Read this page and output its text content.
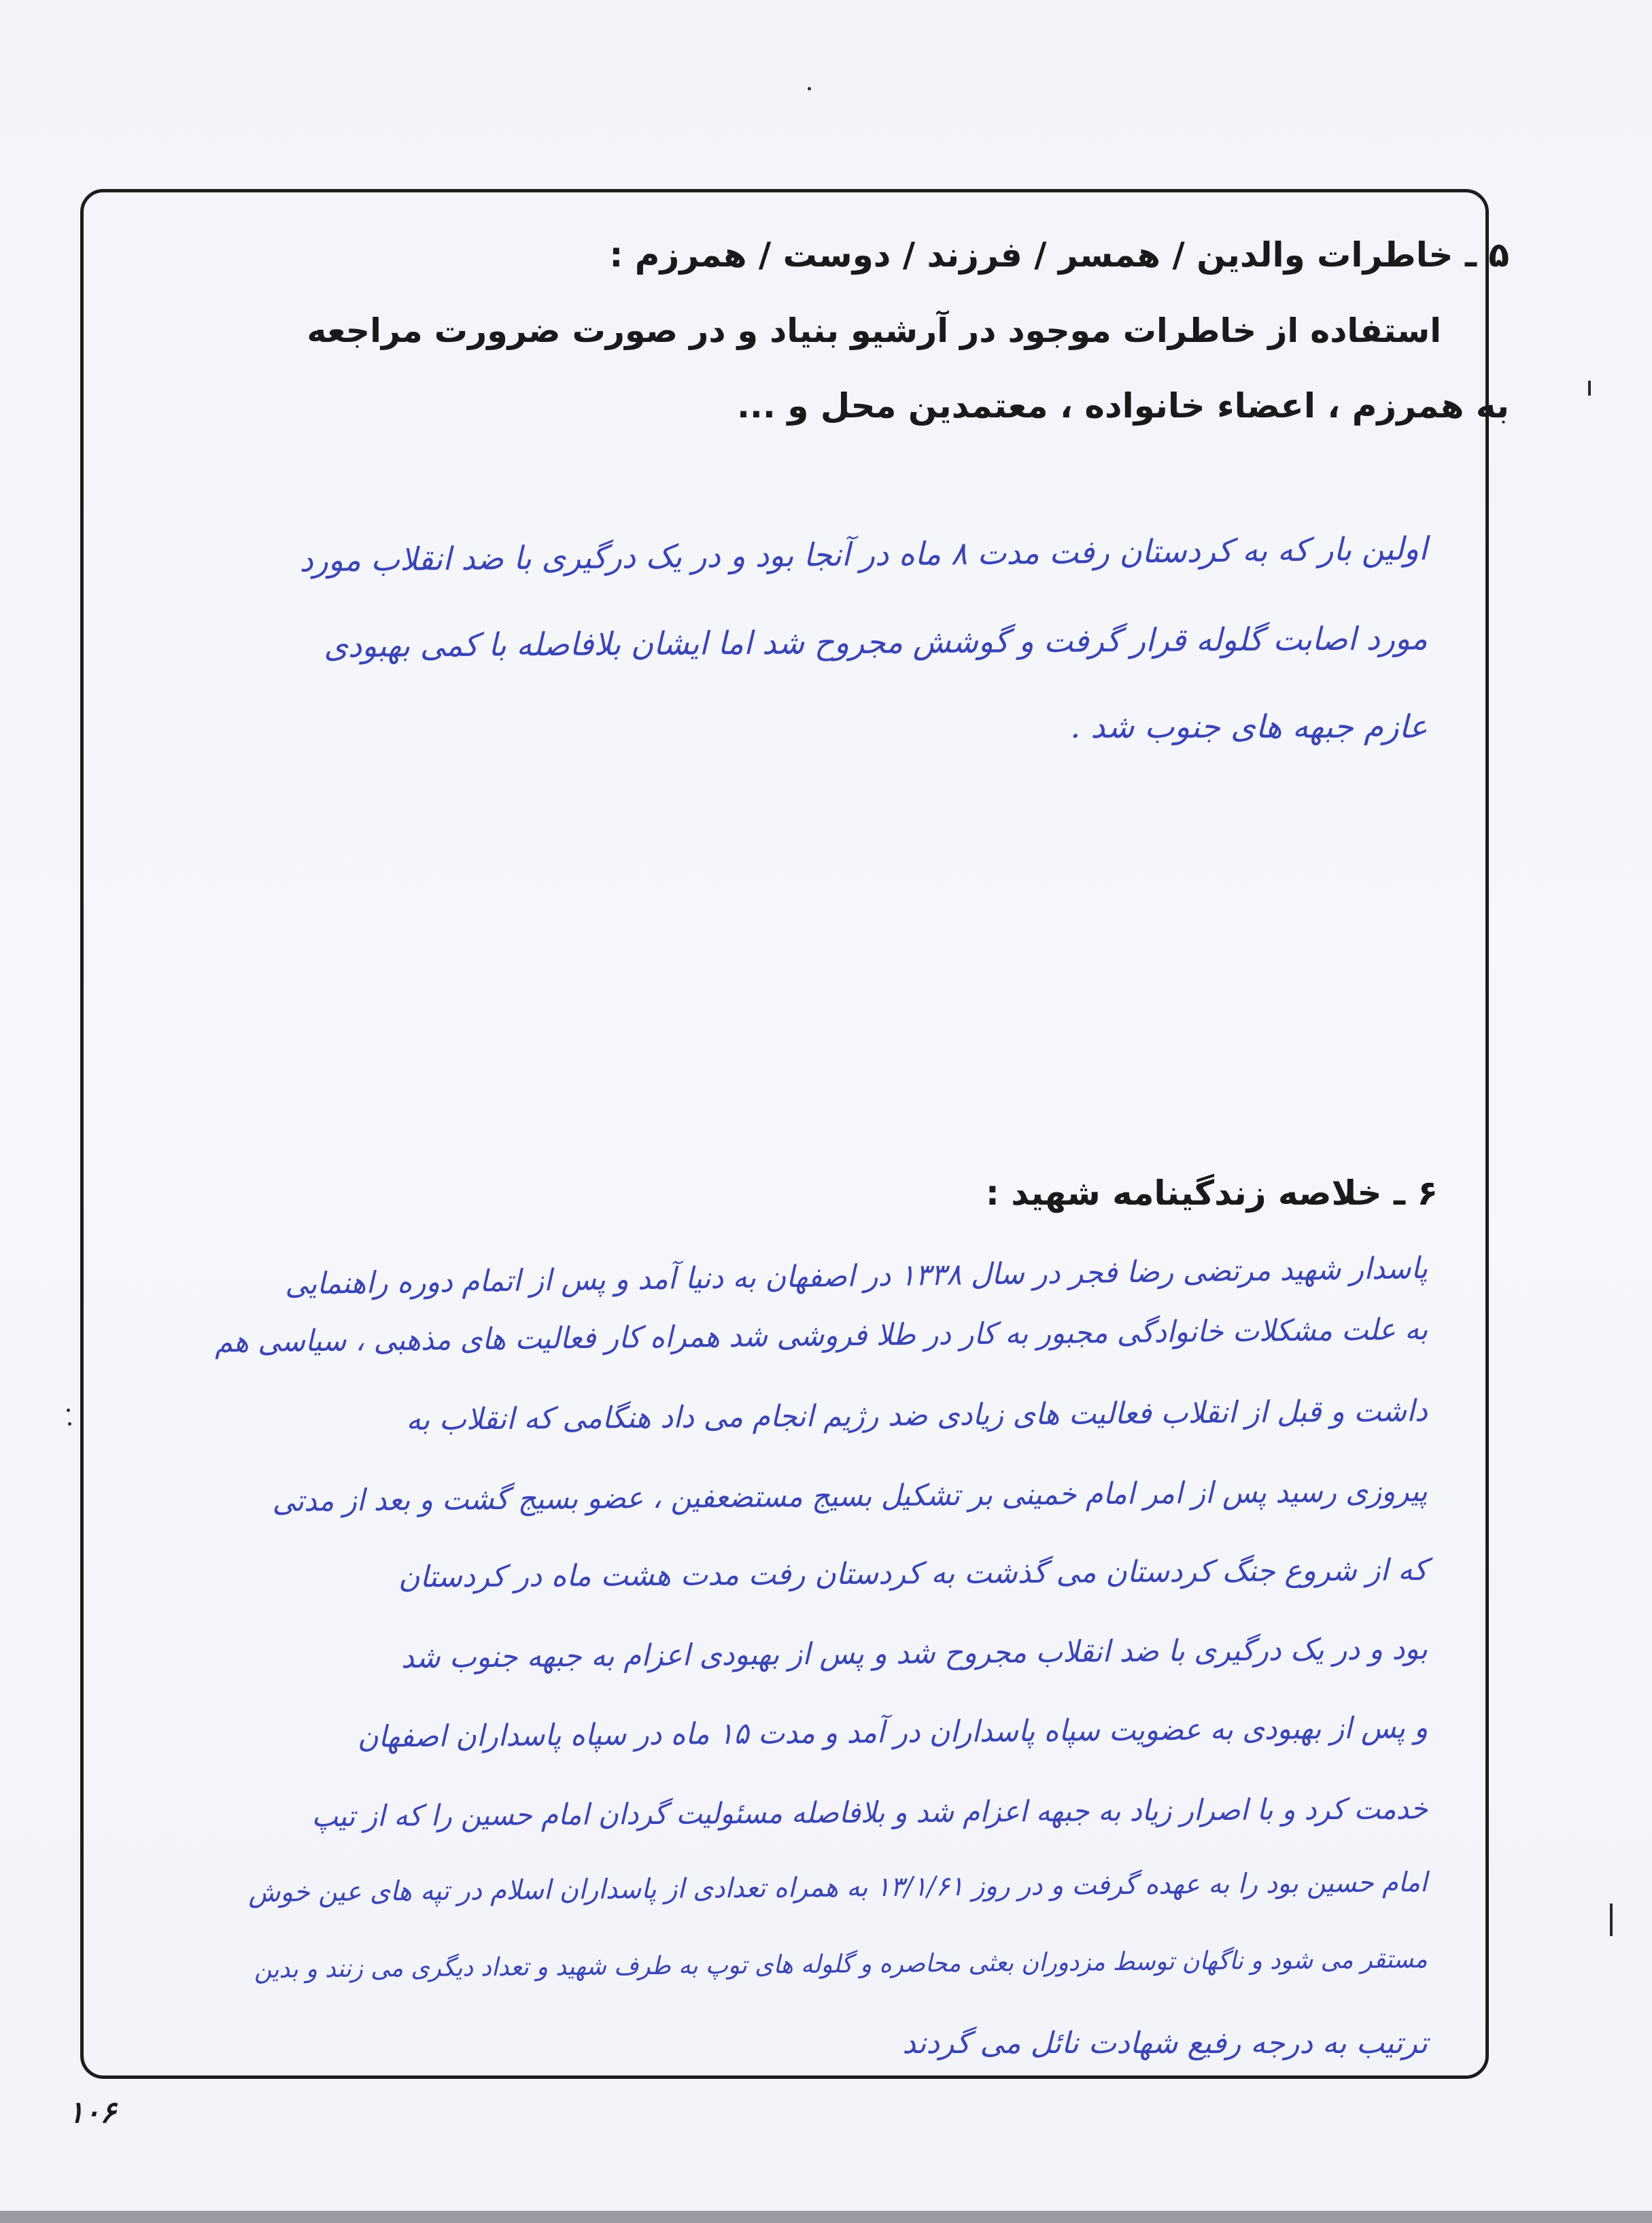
۵ ـ خاطرات والدین / همسر / فرزند / دوست / همرزم :
استفاده از خاطرات موجود در آرشیو بنیاد و در صورت ضرورت مراجعه
به همرزم ، اعضاء خانواده ، معتمدین محل و ...
اولین بار که به کردستان رفت مدت ۸ ماه در آنجا بود و در یک درگیری با ضد انقلاب مورد
مورد اصابت گلوله قرار گرفت و گوشش مجروح شد اما ایشان بلافاصله با کمی بهبودی
عازم جبهه های جنوب شد .
۶ ـ خلاصه زندگینامه شهید :
پاسدار شهید مرتضی رضا فجر در سال ۱۳۳۸ در اصفهان به دنیا آمد و پس از اتمام دوره راهنمایی
به علت مشکلات خانوادگی مجبور به کار در طلا فروشی شد همراه کار فعالیت های مذهبی ، سیاسی هم
داشت و قبل از انقلاب فعالیت های زیادی ضد رژیم انجام می داد هنگامی که انقلاب به
پیروزی رسید پس از امر امام خمینی بر تشکیل بسیج مستضعفین ، عضو بسیج گشت و بعد از مدتی
که از شروع جنگ کردستان می گذشت به کردستان رفت مدت هشت ماه در کردستان
بود و در یک درگیری با ضد انقلاب مجروح شد و پس از بهبودی اعزام به جبهه جنوب شد
و پس از بهبودی به عضویت سپاه پاسداران در آمد و مدت ۱۵ ماه در سپاه پاسداران اصفهان
خدمت کرد و با اصرار زیاد به جبهه اعزام شد و بلافاصله مسئولیت گردان امام حسین را که از تیپ
امام حسین بود را به عهده گرفت و در روز ۱۳/۱/۶۱ به همراه تعدادی از پاسداران اسلام در تپه های عین خوش
مستقر می شود و ناگهان توسط مزدوران بعثی محاصره و گلوله های توپ به طرف شهید و تعداد دیگری می زنند و بدین
ترتیب به درجه رفیع شهادت نائل می گردند
۱۰۶
